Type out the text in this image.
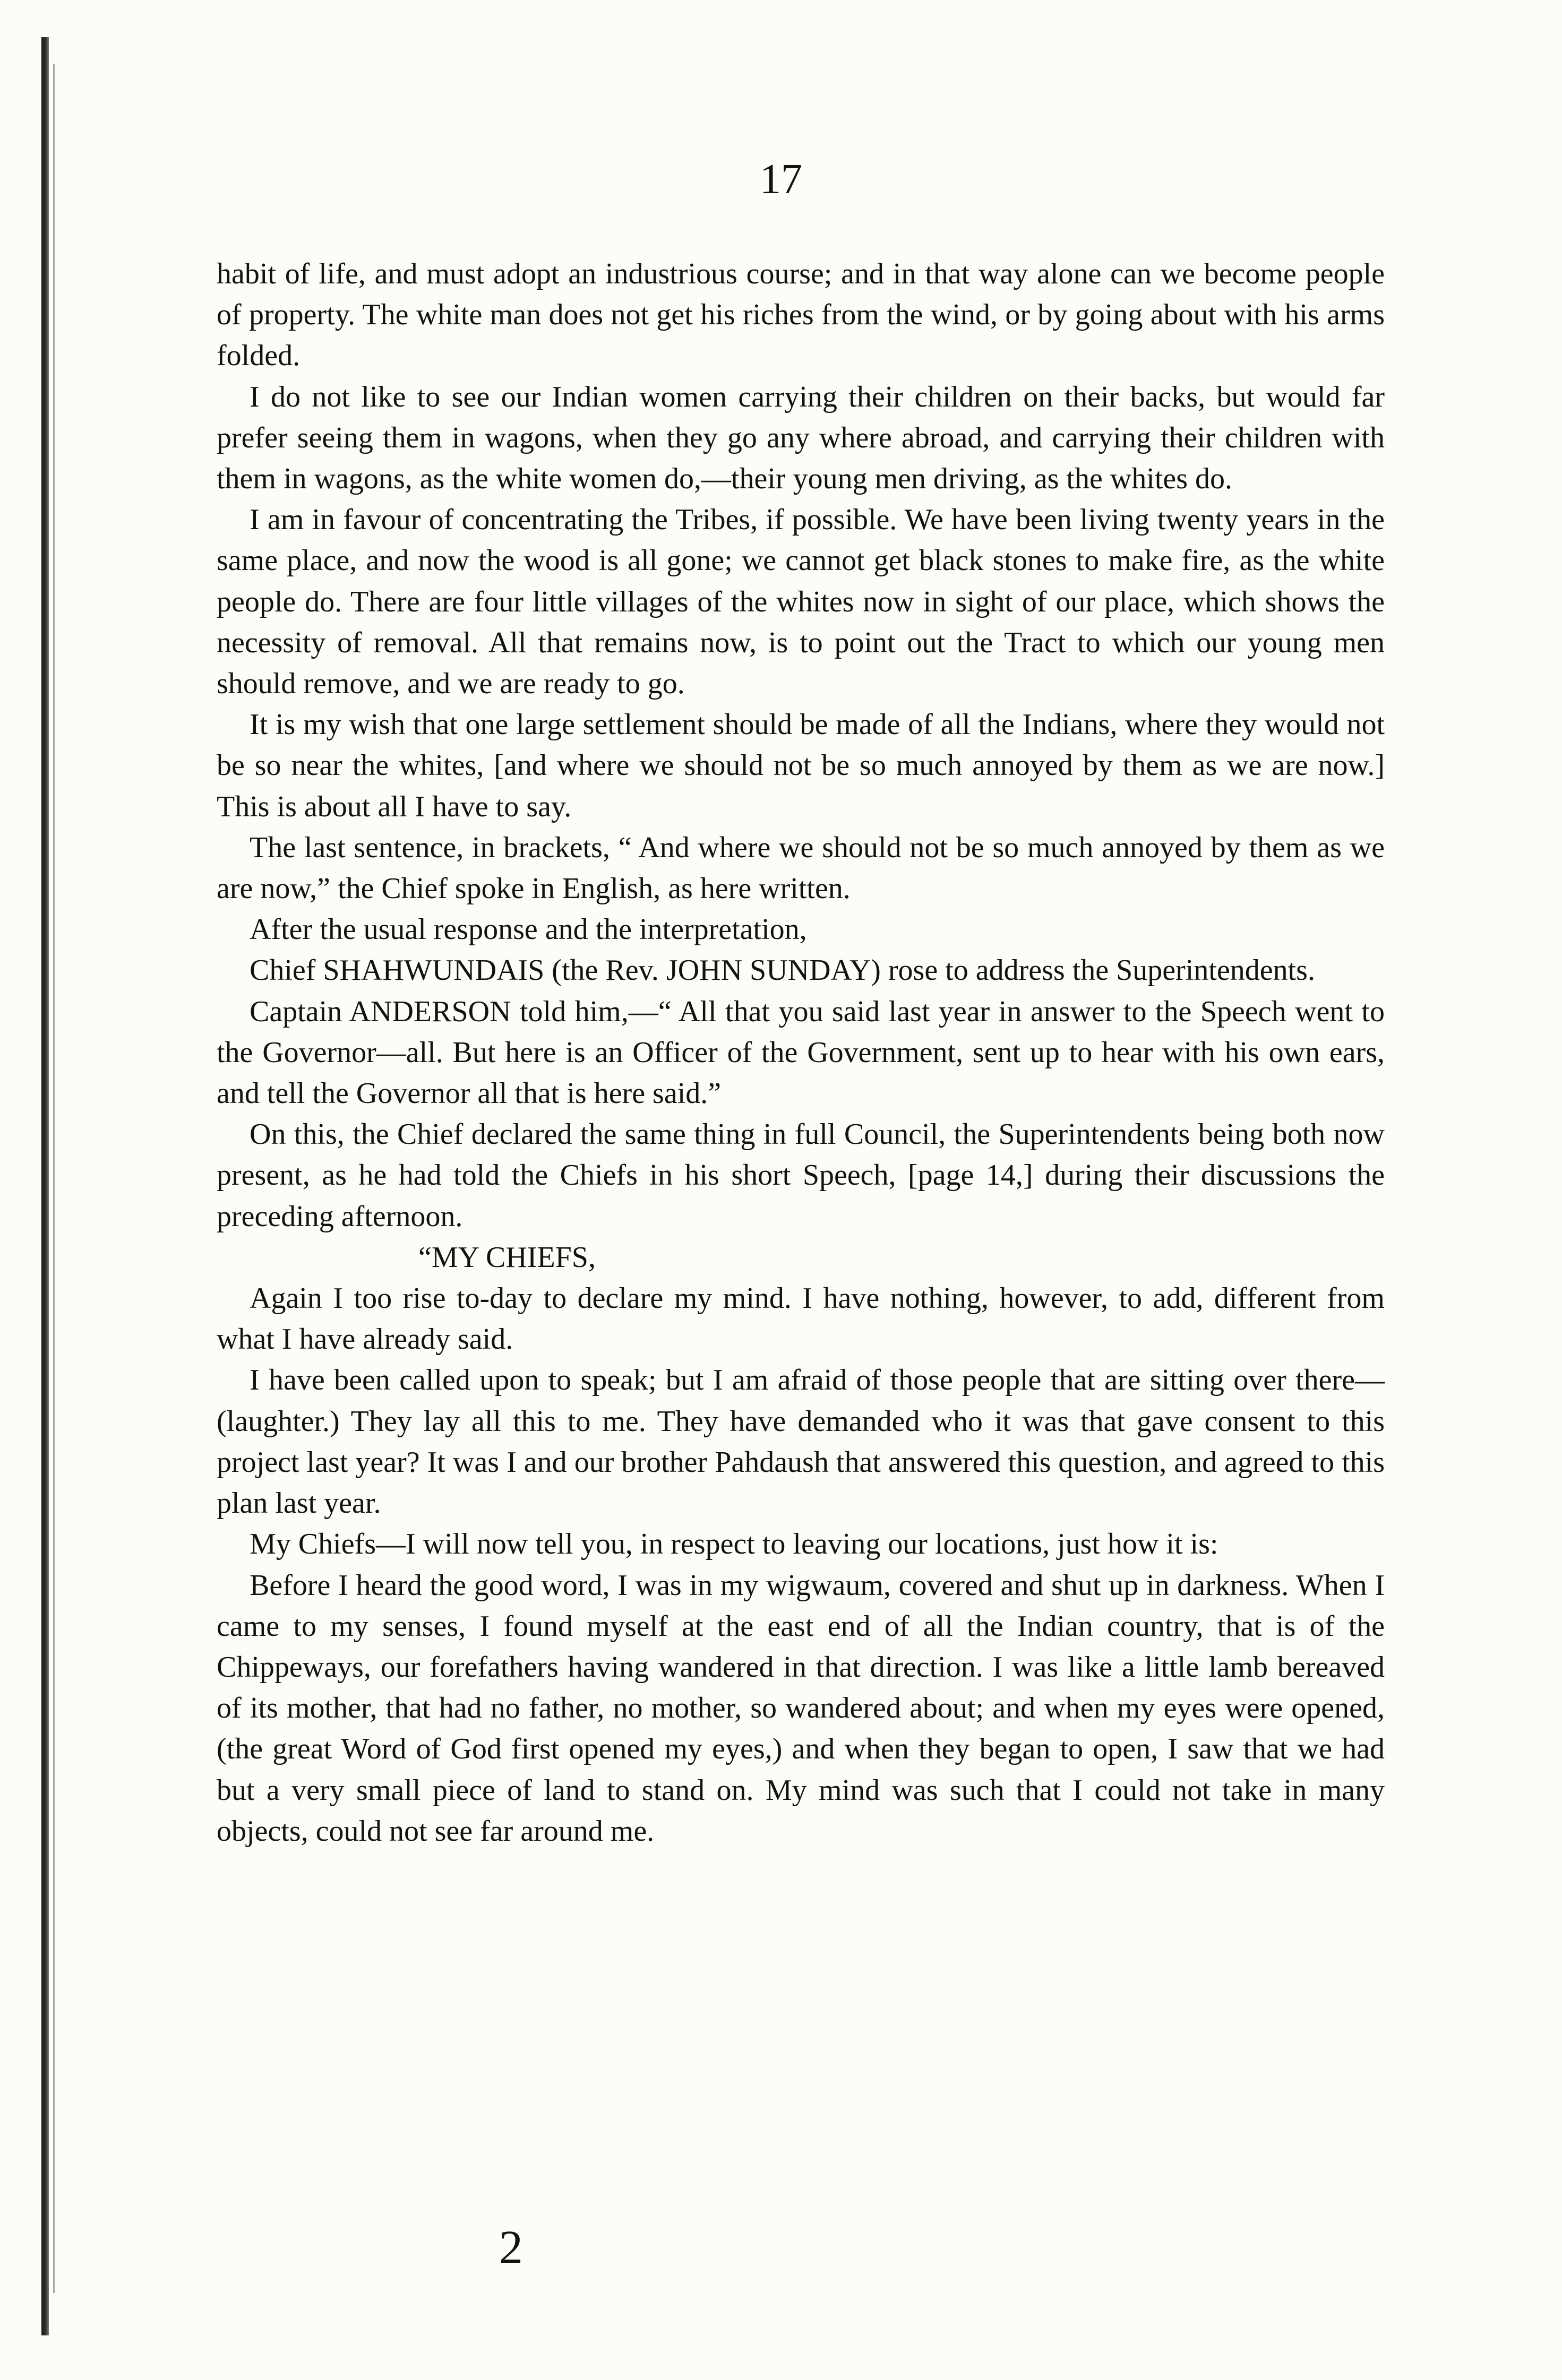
17

habit of life, and must adopt an industrious course; and in that way alone can we become people of property. The white man does not get his riches from the wind, or by going about with his arms folded.

I do not like to see our Indian women carrying their children on their backs, but would far prefer seeing them in wagons, when they go any where abroad, and carrying their children with them in wagons, as the white women do,—their young men driving, as the whites do.

I am in favour of concentrating the Tribes, if possible. We have been living twenty years in the same place, and now the wood is all gone; we cannot get black stones to make fire, as the white people do. There are four little villages of the whites now in sight of our place, which shows the necessity of removal. All that remains now, is to point out the Tract to which our young men should remove, and we are ready to go.

It is my wish that one large settlement should be made of all the Indians, where they would not be so near the whites, [and where we should not be so much annoyed by them as we are now.] This is about all I have to say.

The last sentence, in brackets, “ And where we should not be so much annoyed by them as we are now,” the Chief spoke in English, as here written.

After the usual response and the interpretation,

Chief SHAHWUNDAIS (the Rev. JOHN SUNDAY) rose to address the Superintendents.

Captain ANDERSON told him,—“ All that you said last year in answer to the Speech went to the Governor—all. But here is an Officer of the Government, sent up to hear with his own ears, and tell the Governor all that is here said.”

On this, the Chief declared the same thing in full Council, the Superintendents being both now present, as he had told the Chiefs in his short Speech, [page 14,] during their discussions the preceding afternoon.

“MY CHIEFS,

Again I too rise to-day to declare my mind. I have nothing, however, to add, different from what I have already said.

I have been called upon to speak; but I am afraid of those people that are sitting over there—(laughter.) They lay all this to me. They have demanded who it was that gave consent to this project last year? It was I and our brother Pahdaush that answered this question, and agreed to this plan last year.

My Chiefs—I will now tell you, in respect to leaving our locations, just how it is:

Before I heard the good word, I was in my wigwaum, covered and shut up in darkness. When I came to my senses, I found myself at the east end of all the Indian country, that is of the Chippeways, our forefathers having wandered in that direction. I was like a little lamb bereaved of its mother, that had no father, no mother, so wandered about; and when my eyes were opened, (the great Word of God first opened my eyes,) and when they began to open, I saw that we had but a very small piece of land to stand on. My mind was such that I could not take in many objects, could not see far around me.

2
